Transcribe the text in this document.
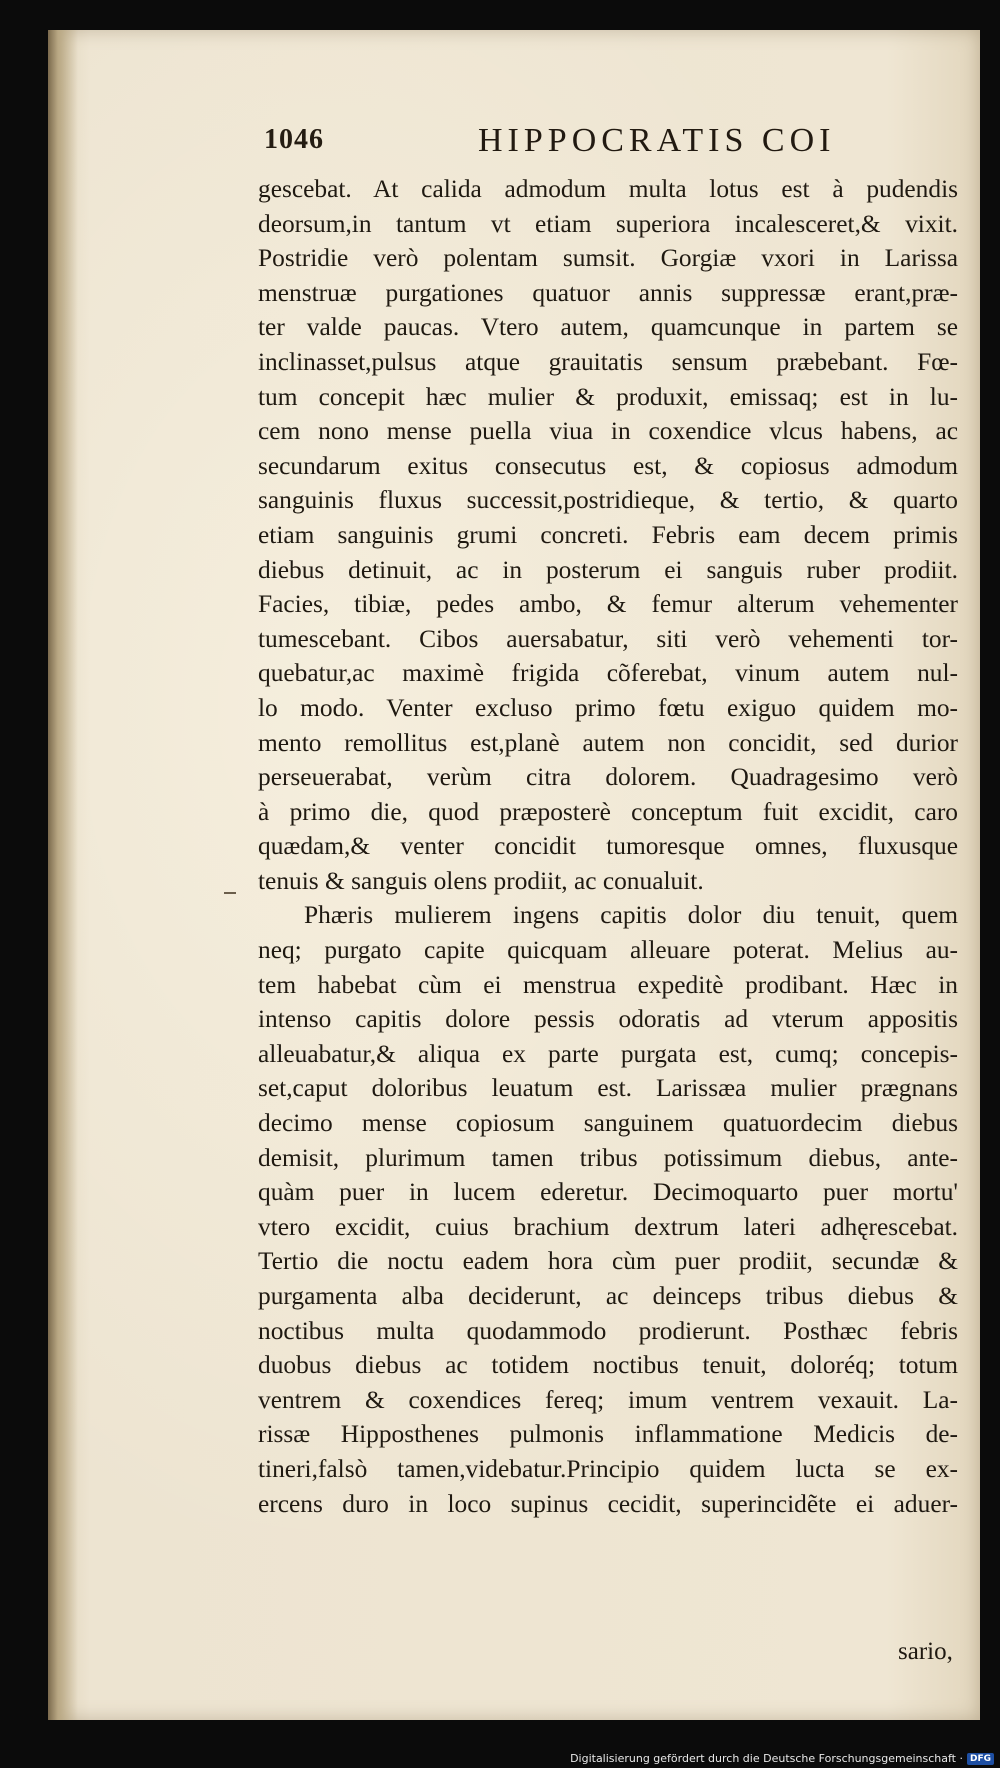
1046	HIPPOCRATIS COI
gescebat. At calida admodum multa lotus est à pudendis
deorsum,in tantum vt etiam superiora incalesceret,& vixit.
Postridie verò polentam sumsit. Gorgiæ vxori in Larissa
menstruæ purgationes quatuor annis suppressæ erant,præ-
ter valde paucas. Vtero autem, quamcunque in partem se
inclinasset,pulsus atque grauitatis sensum præbebant. Fœ-
tum concepit hæc mulier & produxit, emissaq; est in lu-
cem nono mense puella viua in coxendice vlcus habens, ac
secundarum exitus consecutus est, & copiosus admodum
sanguinis fluxus successit,postridieque, & tertio, & quarto
etiam sanguinis grumi concreti. Febris eam decem primis
diebus detinuit, ac in posterum ei sanguis ruber prodiit.
Facies, tibiæ, pedes ambo, & femur alterum vehementer
tumescebant. Cibos auersabatur, siti verò vehementi tor-
quebatur,ac maximè frigida cõferebat, vinum autem nul-
lo modo. Venter excluso primo fœtu exiguo quidem mo-
mento remollitus est,planè autem non concidit, sed durior
perseuerabat, verùm citra dolorem. Quadragesimo verò
à primo die, quod præposterè conceptum fuit excidit, caro
quædam,& venter concidit tumoresque omnes, fluxusque
tenuis & sanguis olens prodiit, ac conualuit.
Phæris mulierem ingens capitis dolor diu tenuit, quem
neq; purgato capite quicquam alleuare poterat. Melius au-
tem habebat cùm ei menstrua expeditè prodibant. Hæc in
intenso capitis dolore pessis odoratis ad vterum appositis
alleuabatur,& aliqua ex parte purgata est, cumq; concepis-
set,caput doloribus leuatum est. Larissæa mulier prægnans
decimo mense copiosum sanguinem quatuordecim diebus
demisit, plurimum tamen tribus potissimum diebus, ante-
quàm puer in lucem ederetur. Decimoquarto puer mortu'
vtero excidit, cuius brachium dextrum lateri adhęrescebat.
Tertio die noctu eadem hora cùm puer prodiit, secundæ &
purgamenta alba deciderunt, ac deinceps tribus diebus &
noctibus multa quodammodo prodierunt. Posthæc febris
duobus diebus ac totidem noctibus tenuit, doloréq; totum
ventrem & coxendices fereq; imum ventrem vexauit. La-
rissæ Hipposthenes pulmonis inflammatione Medicis de-
tineri,falsò tamen,videbatur.Principio quidem lucta se ex-
ercens duro in loco supinus cecidit, superincidẽte ei aduer-
sario,
Digitalisierung gefördert durch die Deutsche Forschungsgemeinschaft · DFG
